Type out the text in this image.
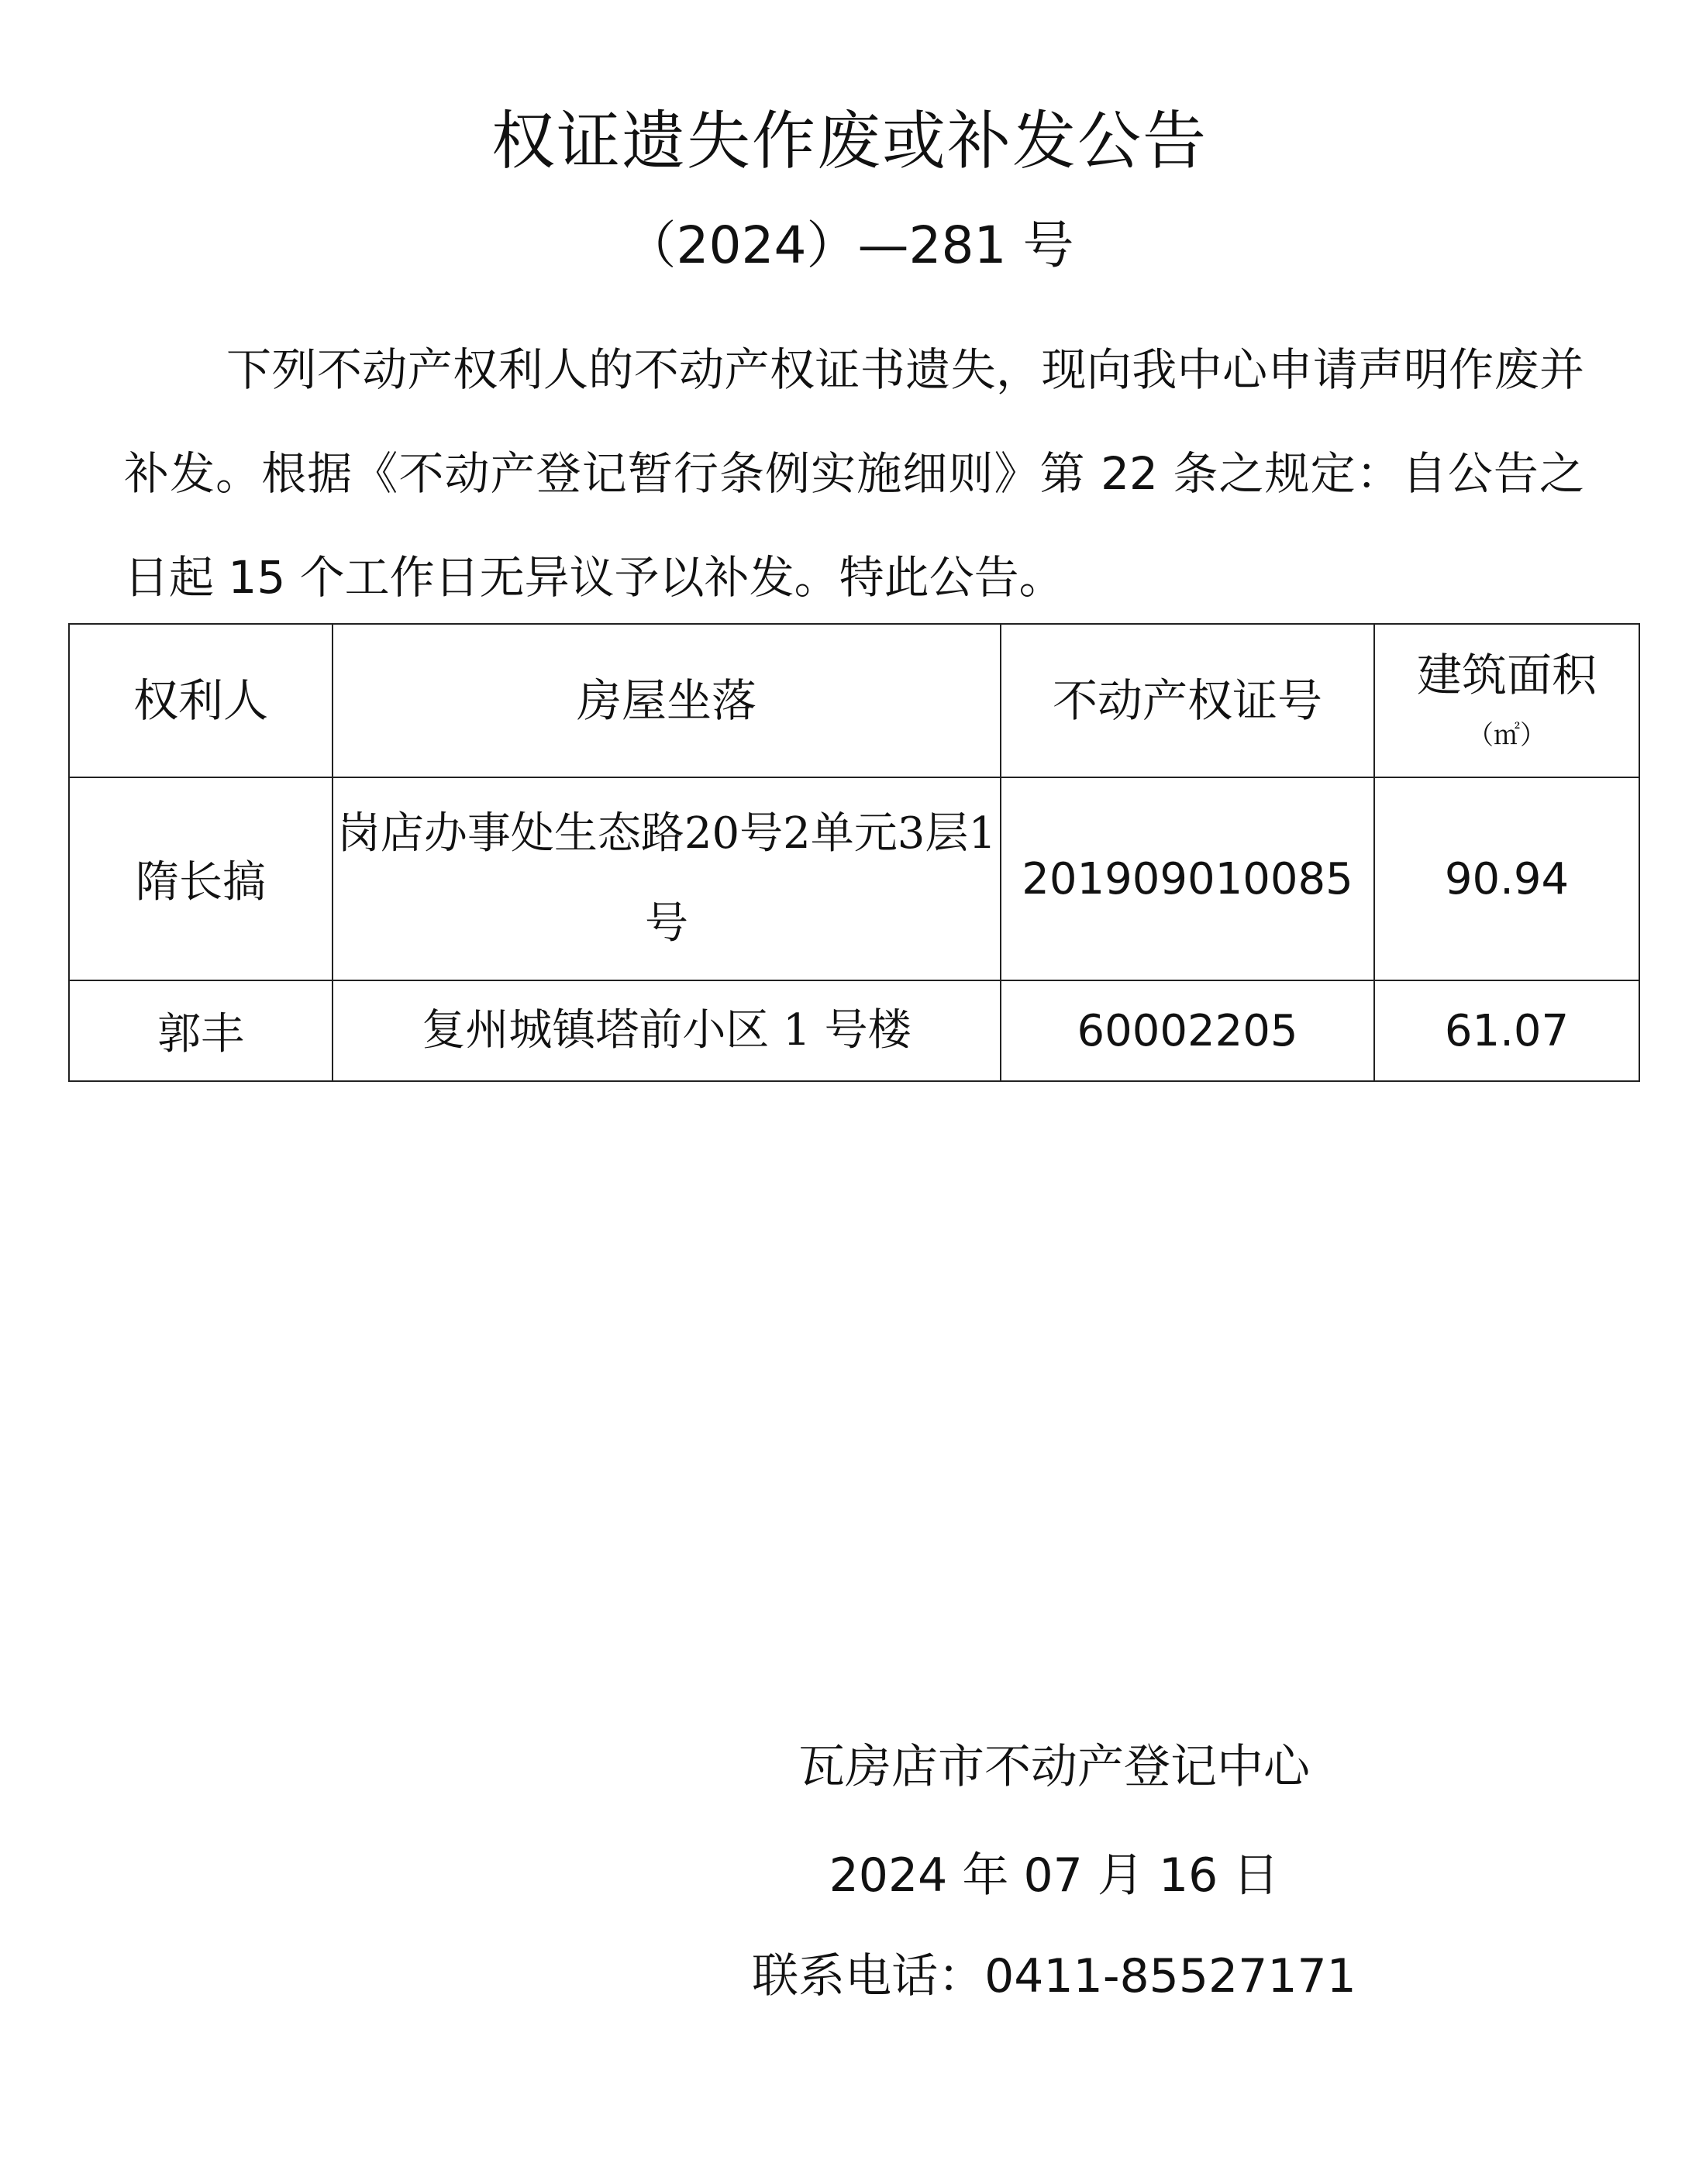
权证遗失作废或补发公告
（2024）—281 号

下列不动产权利人的不动产权证书遗失，现向我中心申请声明作废并补发。根据《不动产登记暂行条例实施细则》第 22 条之规定：自公告之日起 15 个工作日无异议予以补发。特此公告。

权利人	房屋坐落	不动产权证号	建筑面积
（㎡）

隋长搞	岗店办事处生态路20号2单元3层1号	201909010085	90.94
郭丰	复州城镇塔前小区 1 号楼	60002205	61.07
瓦房店市不动产登记中心
2024 年 07 月 16 日
联系电话：0411-85527171
